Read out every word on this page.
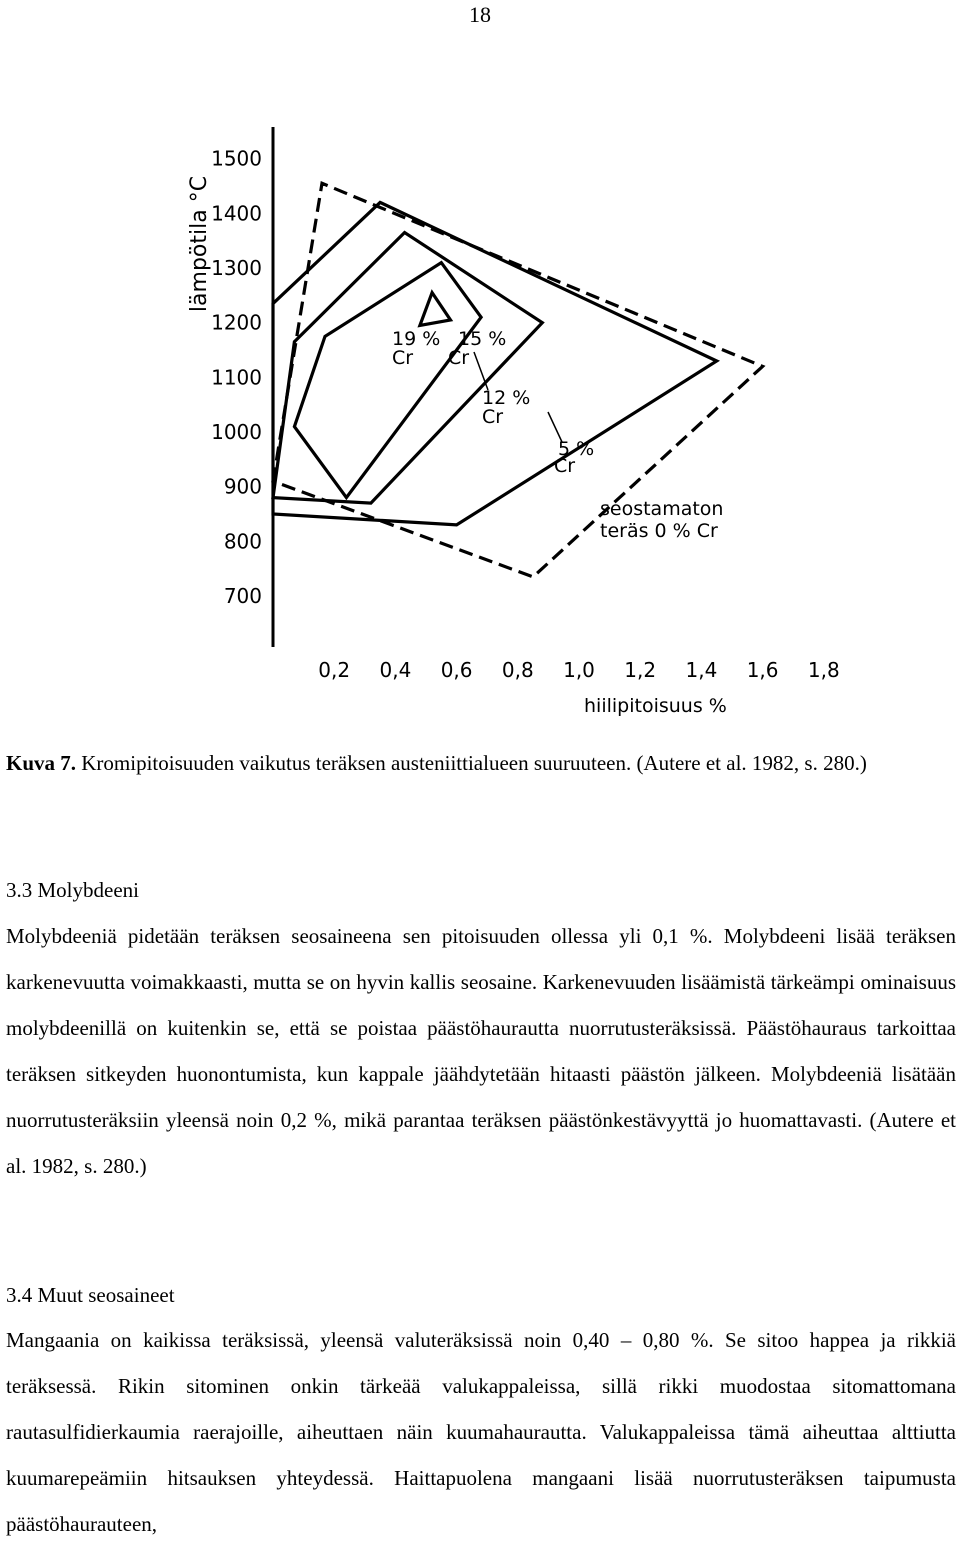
18
1500
1400
1300
1200
1100
1000
900
800
700
0,2 0,4 0,6 0,8 1,0 1,2 1,4 1,6 1,8
lämpötila °C
hiilipitoisuus %
19 %
Cr
15 %
Cr
12 %
Cr
5 %
Cr
seostamaton
teräs 0 % Cr
Kuva 7. Kromipitoisuuden vaikutus teräksen austeniittialueen suuruuteen. (Autere et al. 1982, s. 280.)
3.3 Molybdeeni
Molybdeeniä pidetään teräksen seosaineena sen pitoisuuden ollessa yli 0,1 %. Molybdeeni lisää teräksen karkenevuutta voimakkaasti, mutta se on hyvin kallis seosaine. Karkenevuuden lisäämistä tärkeämpi ominaisuus molybdeenillä on kuitenkin se, että se poistaa päästöhaurautta nuorrutusteräksissä. Päästöhauraus tarkoittaa teräksen sitkeyden huonontumista, kun kappale jäähdytetään hitaasti päästön jälkeen. Molybdeeniä lisätään nuorrutusteräksiin yleensä noin 0,2 %, mikä parantaa teräksen päästönkestävyyttä jo huomattavasti. (Autere et al. 1982, s. 280.)
3.4 Muut seosaineet
Mangaania on kaikissa teräksissä, yleensä valuteräksissä noin 0,40 – 0,80 %. Se sitoo happea ja rikkiä teräksessä. Rikin sitominen onkin tärkeää valukappaleissa, sillä rikki muodostaa sitomattomana rautasulfidierkaumia raerajoille, aiheuttaen näin kuumahaurautta. Valukappaleissa tämä aiheuttaa alttiutta kuumarepeämiin hitsauksen yhteydessä. Haittapuolena mangaani lisää nuorrutusteräksen taipumusta päästöhaurauteen,
